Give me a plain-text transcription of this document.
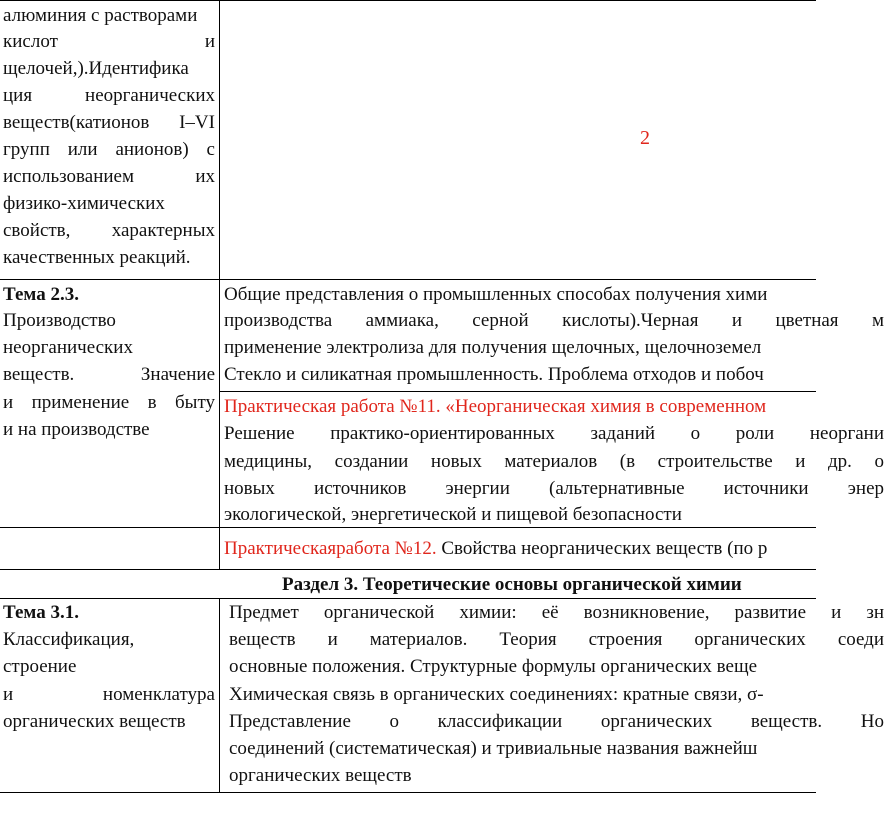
алюминия с растворами
кислот	и
щелочей,).Идентифика
ция неорганических
веществ(катионов I–VI
групп или анионов) с
использованием их
физико-химических
свойств, характерных
качественных реакций.
2
Тема 2.3.
Производство
неорганических
веществ. Значение
и применение в быту
и на производстве
Общие представления о промышленных способах получения хими
производства аммиака, серной кислоты).Черная и цветная м
применение электролиза для получения щелочных, щелочноземел
Стекло и силикатная промышленность. Проблема отходов и побоч
Практическая работа №11. «Неорганическая химия в современном
Решение практико-ориентированных заданий о роли неоргани
медицины, создании новых материалов (в строительстве и др. о
новых источников энергии (альтернативные источники энер
экологической, энергетической и пищевой безопасности
Практическаяработа №12. Свойства неорганических веществ (по р
Раздел 3. Теоретические основы органической химии
Тема 3.1.
Классификация,
строение
и номенклатура
органических веществ
Предмет органической химии: её возникновение, развитие и зн
веществ и материалов. Теория строения органических соеди
основные положения. Структурные формулы органических веще
Химическая связь в органических соединениях: кратные связи, σ-
Представление о классификации органических веществ. Но
соединений (систематическая) и тривиальные названия важнейш
органических веществ
